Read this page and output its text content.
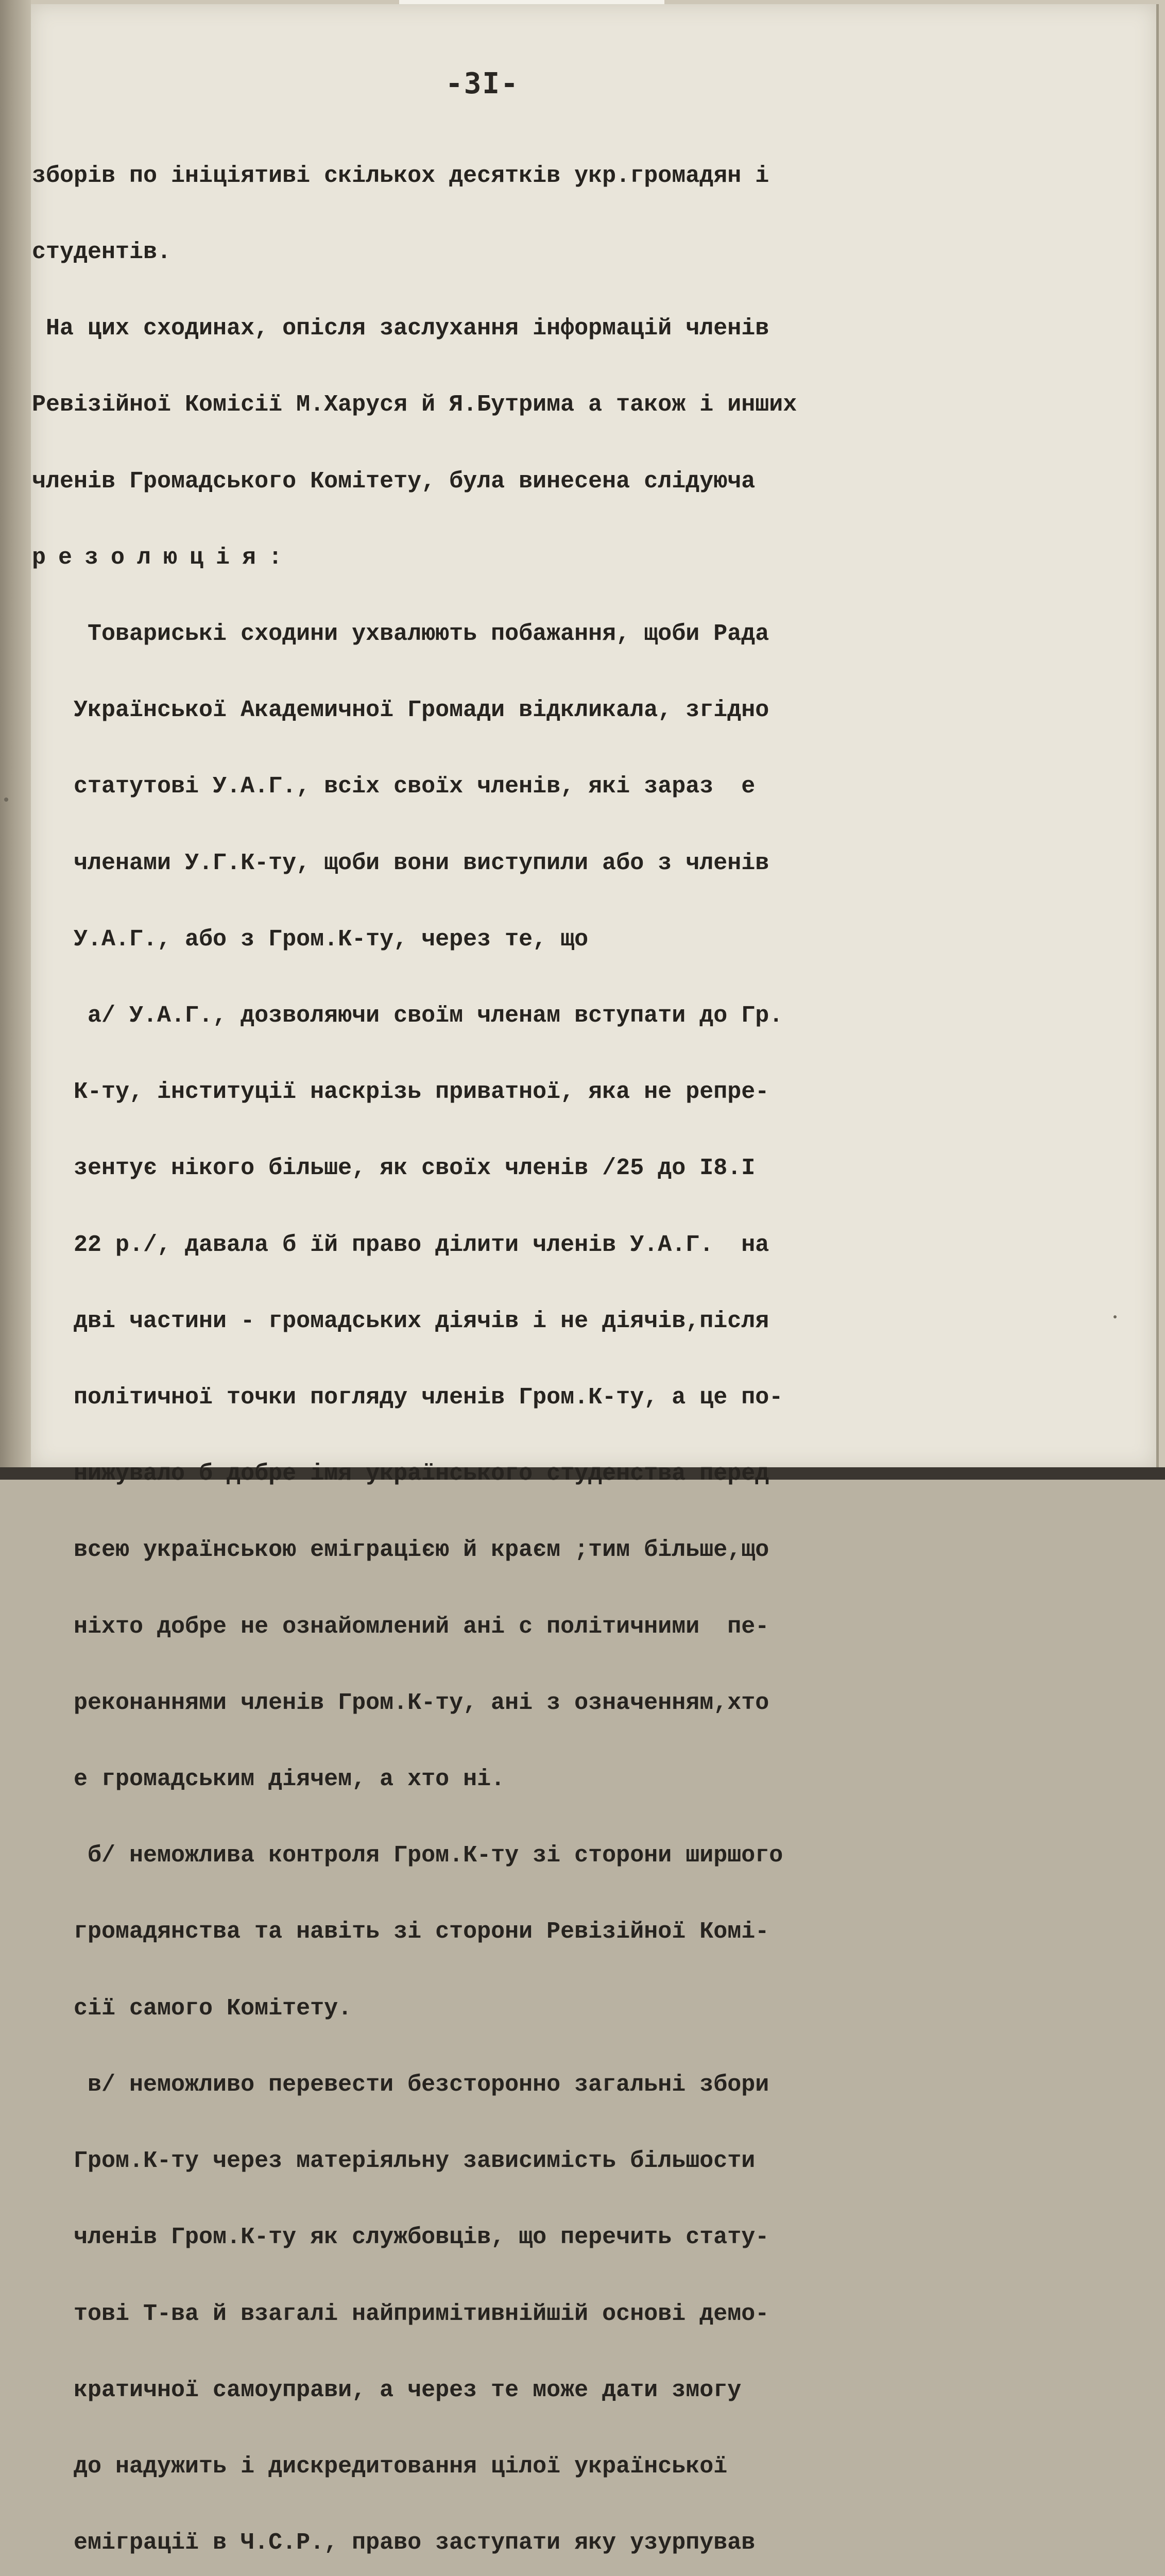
-3I-

зборів по ініціятиві скількох десятків укр.громадян і

студентів.

На цих сходинах, опісля заслухання інформацій членів

Ревізійної Комісії М.Харуся й Я.Бутрима а також і инших

членів Громадського Комітету, була винесена слідуюча

резолюція:

Товариські сходини ухвалюють побажання, щоби Рада

Української Академичної Громади відкликала, згідно

статутові У.А.Г., всіх своїх членів, які зараз  е

членами У.Г.К-ту, щоби вони виступили або з членів

У.А.Г., або з Гром.К-ту, через те, що

а/ У.А.Г., дозволяючи своїм членам вступати до Гр.

К-ту, інституції наскрізь приватної, яка не репре-

зентує нікого більше, як своїх членів /25 до І8.І

22 р./, давала б їй право ділити членів У.А.Г.  на

дві частини - громадських діячів і не діячів,після

політичної точки погляду членів Гром.К-ту, а це по-

нижувало б добре імя українського студенства перед

всею українською еміграцією й краєм ;тим більше,що

ніхто добре не ознайомлений ані с політичними  пе-

реконаннями членів Гром.К-ту, ані з означенням,хто

е громадським діячем, а хто ні.

б/ неможлива контроля Гром.К-ту зі сторони ширшого

громадянства та навіть зі сторони Ревізійної Комі-

сії самого Комітету.

в/ неможливо перевести безсторонно загальні збори

Гром.К-ту через матеріяльну зависимість більшости

членів Гром.К-ту як службовців, що перечить стату-

тові Т-ва й взагалі найпримітивнійшій основі демо-

кратичної самоуправи, а через те може дати змогу

до надужить і дискредитовання цілої української

еміграції в Ч.С.Р., право заступати яку узурпував
